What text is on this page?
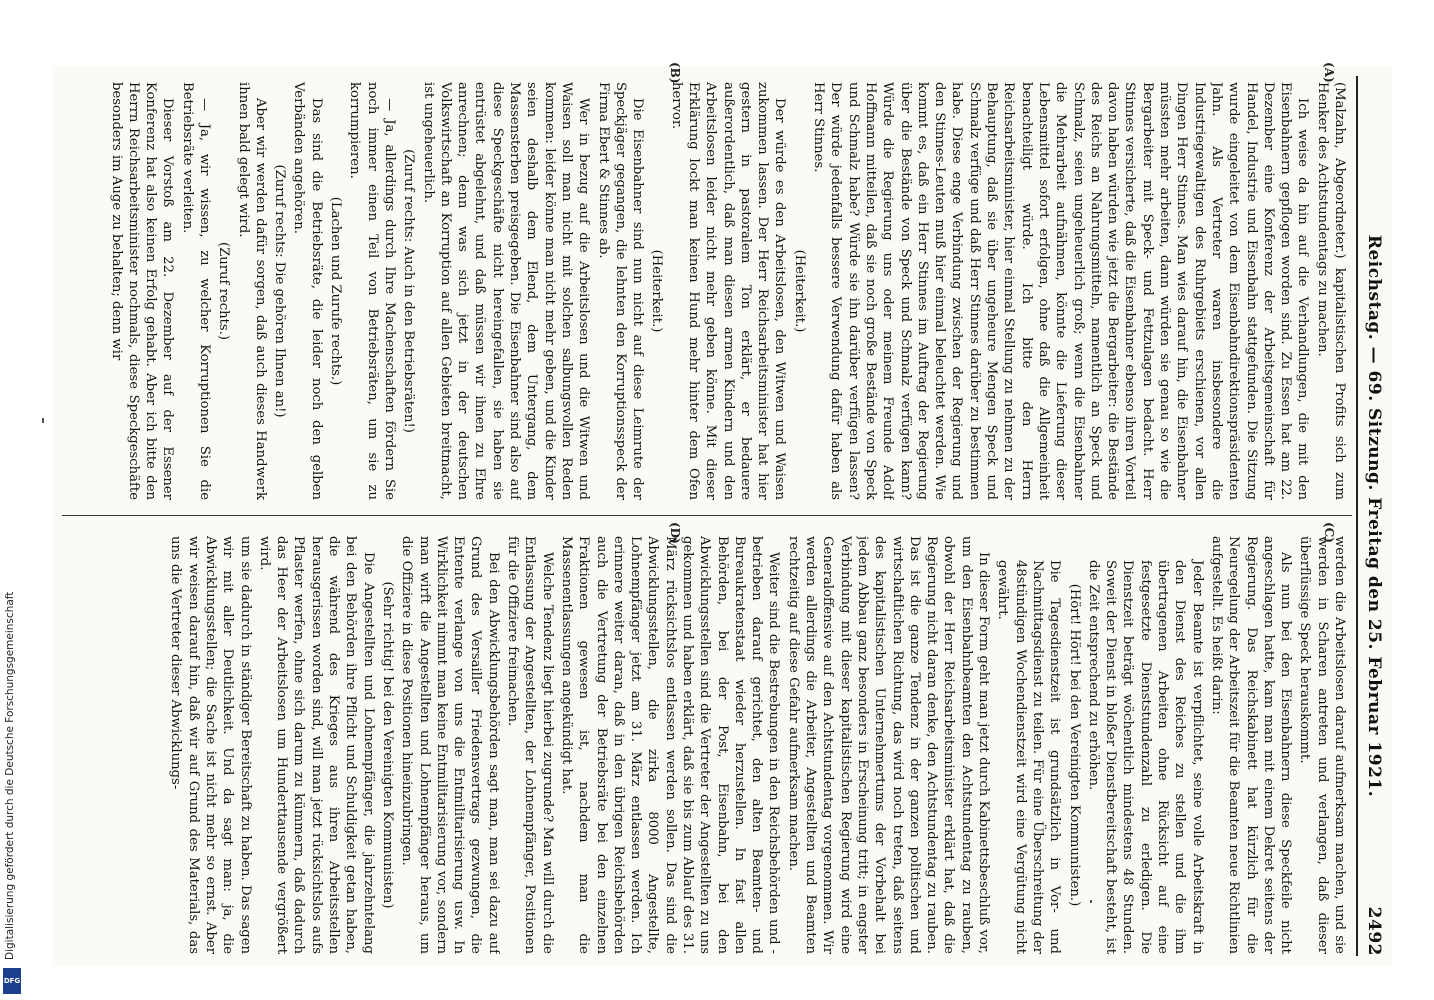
Reichstag. — 69. Sitzung. Freitag den 25. Februar 1921.
2492
(A)
(B)
(C)
(D)

(Malzahn, Abgeordneter.) kapitalistischen Profits sich zum Henker des Achtstundentags zu machen.

Ich weise da hin auf die Verhandlungen, die mit den Eisenbahnern gepflogen worden sind. Zu Essen hat am 22. Dezember eine Konferenz der Arbeitsgemeinschaft für Handel, Industrie und Eisenbahn stattgefunden. Die Sitzung wurde eingeleitet von dem Eisenbahndirektionspräsidenten Jahn. Als Vertreter waren insbesondere die Industriegewaltigen des Ruhrgebiets erschienen, vor allen Dingen Herr Stinnes. Man wies darauf hin, die Eisenbahner müssten mehr arbeiten, dann würden sie genau so wie die Bergarbeiter mit Speck- und Fettzulagen bedacht. Herr Stinnes versicherte, daß die Eisenbahner ebenso ihren Vorteil davon haben würden wie jetzt die Bergarbeiter: die Bestände des Reichs an Nahrungsmitteln, namentlich an Speck und Schmalz, seien ungeheuerlich groß; wenn die Eisenbahner die Mehrarbeit aufnähmen, könnte die Lieferung dieser Lebensmittel sofort erfolgen, ohne daß die Allgemeinheit benachteiligt würde. Ich bitte den Herrn Reichsarbeitsminister, hier einmal Stellung zu nehmen zu der Behauptung, daß sie über ungeheure Mengen Speck und Schmalz verfüge und daß Herr Stinnes darüber zu bestimmen habe. Diese enge Verbindung zwischen der Regierung und den Stinnes-Leuten muß hier einmal beleuchtet werden. Wie kommt es, daß ein Herr Stinnes im Auftrag der Regierung über die Bestände von Speck und Schmalz verfügen kann? Würde die Regierung uns oder meinem Freunde Adolf Hoffmann mitteilen, daß sie noch große Bestände von Speck und Schmalz habe? Würde sie ihn darüber verfügen lassen? Der würde jedenfalls bessere Verwendung dafür haben als Herr Stinnes.

(Heiterkeit.)

Der würde es den Arbeitslosen, den Witwen und Waisen zukommen lassen. Der Herr Reichsarbeitsminister hat hier gestern in pastoralem Ton erklärt, er bedauere außerordentlich, daß man diesen armen Kindern und den Arbeitslosen leider nicht mehr geben könne. Mit dieser Erklärung lockt man keinen Hund mehr hinter dem Ofen hervor.

(Heiterkeit.)

Die Eisenbahner sind nun nicht auf diese Leimrute der Speckjäger gegangen, die lehnten den Korruptionsspeck der Firma Ebert & Stinnes ab.

Wer in bezug auf die Arbeitslosen und die Witwen und Waisen soll man nicht mit solchen salbungsvollen Reden kommen: leider könne man nicht mehr geben, und die Kinder seien deshalb dem Elend, dem Untergang, dem Massensterben preisgegeben. Die Eisenbahner sind also auf diese Speckgeschäfte nicht hereingefallen, sie haben sie entrüstet abgelehnt, und daß müssen wir ihnen zu Ehre anrechnen; denn was sich jetzt in der deutschen Volkswirtschaft an Korruption auf allen Gebieten breitmacht, ist ungeheuerlich.

(Zuruf rechts: Auch in den Betriebsräten!)

— Ja, allerdings durch Ihre Machenschaften fördern Sie noch immer einen Teil von Betriebsräten, um sie zu korrumpieren.

(Lachen und Zurufe rechts.)

Das sind die Betriebsräte, die leider noch den gelben Verbänden angehören.

(Zuruf rechts: Die gehören Ihnen an!)

Aber wir werden dafür sorgen, daß auch dieses Handwerk ihnen bald gelegt wird.

(Zuruf rechts.)

— Ja, wir wissen, zu welcher Korruptionen Sie die Betriebsräte verleiten.

Dieser Vorstoß am 22. Dezember auf der Essener Konferenz hat also keinen Erfolg gehabt. Aber ich bitte den Herrn Reichsarbeitsminister nochmals, diese Speckgeschäfte besonders im Auge zu behalten; denn wir

werden die Arbeitslosen darauf aufmerksam machen, und sie werden in Scharen antreten und verlangen, daß dieser überflüssige Speck herauskommt.

Als nun bei den Eisenbahnern diese Speckfeile nicht angeschlagen hatte, kam man mit einem Dekret seitens der Regierung. Das Reichskabinett hat kürzlich für die Neuregelung der Arbeitszeit für die Beamten neue Richtlinien aufgestellt. Es heißt darin:

Jeder Beamte ist verpflichtet, seine volle Arbeitskraft in den Dienst des Reiches zu stellen und die ihm übertragenen Arbeiten ohne Rücksicht auf eine festgesetzte Dienststundenzahl zu erledigen. Die Dienstzeit beträgt wöchentlich mindestens 48 Stunden. Soweit der Dienst in bloßer Dienstbereitschaft besteht, ist die Zeit entsprechend zu erhöhen.

(Hört! Hört! bei den Vereinigten Kommunisten.)

Die Tagesdienstzeit ist grundsätzlich in Vor- und Nachmittagsdienst zu teilen. Für eine Überschreitung der 48stündigen Wochendienstzeit wird eine Vergütung nicht gewährt.

In dieser Form geht man jetzt durch Kabinettsbeschluß vor, um den Eisenbahnbeamten den Achtstundentag zu rauben, obwohl der Herr Reichsarbeitsminister erklärt hat, daß die Regierung nicht daran denke, den Achtstundentag zu rauben. Das ist die ganze Tendenz in der ganzen politischen und wirtschaftlichen Richtung, das wird noch treten, daß seitens des kapitalistischen Unternehmertums der Vorbehalt bei jedem Abbau ganz besonders in Erscheinung tritt; in engster Verbindung mit dieser kapitalistischen Regierung wird eine Generaloffensive auf den Achtstundentag vorgenommen. Wir werden allerdings die Arbeiter, Angestellten und Beamten rechtzeitig auf diese Gefahr aufmerksam machen.

Weiter sind die Bestrebungen in den Reichsbehörden und -betrieben darauf gerichtet, den alten Beamten- und Bureaukratenstaat wieder herzustellen. In fast allen Behörden, bei der Post, Eisenbahn, bei den Abwicklungsstellen sind die Vertreter der Angestellten zu uns gekommen und haben erklärt, daß sie bis zum Ablauf des 31. März rücksichtslos entlassen werden sollen. Das sind die Abwicklungsstellen, die zirka 8000 Angestellte, Lohnempfänger jetzt am 31. März entlassen werden. Ich erinnere weiter daran, daß in den übrigen Reichsbehörden auch die Vertretung der Betriebsräte bei den einzelnen Fraktionen gewesen ist, nachdem man die Massenentlassungen angekündigt hat.

Welche Tendenz liegt hierbei zugrunde? Man will durch die Entlassung der Angestellten, der Lohnempfänger, Positionen für die Offiziere freimachen.

Bei den Abwicklungsbehörden sagt man, man sei dazu auf Grund des Versailler Friedensvertrags gezwungen, die Entente verlange von uns die Entmilitarisierung usw. In Wirklichkeit nimmt man keine Entmilitarisierung vor, sondern man wirft die Angestellten und Lohnempfänger heraus, um die Offiziere in diese Positionen hineinzubringen.

(Sehr richtig! bei den Vereinigten Kommunisten)

Die Angestellten und Lohnempfänger, die jahrzehntelang bei den Behörden ihre Pflicht und Schuldigkeit getan haben, die während des Krieges aus ihren Arbeitsstellen herausgerissen worden sind, will man jetzt rücksichtslos aufs Pflaster werfen, ohne sich darum zu kümmern, daß dadurch das Heer der Arbeitslosen um Hunderttausende vergrößert wird.

um sie dadurch in ständiger Bereitschaft zu haben. Das sagen wir mit aller Deutlichkeit. Und da sagt man: ja, die Abwicklungsstellen; die Sache ist nicht mehr so ernst. Aber wir weisen darauf hin, daß wir auf Grund des Materials, das uns die Vertreter dieser Abwicklungs-

Digitalisierung gefördert durch die Deutsche Forschungsgemeinschaft
DFG
